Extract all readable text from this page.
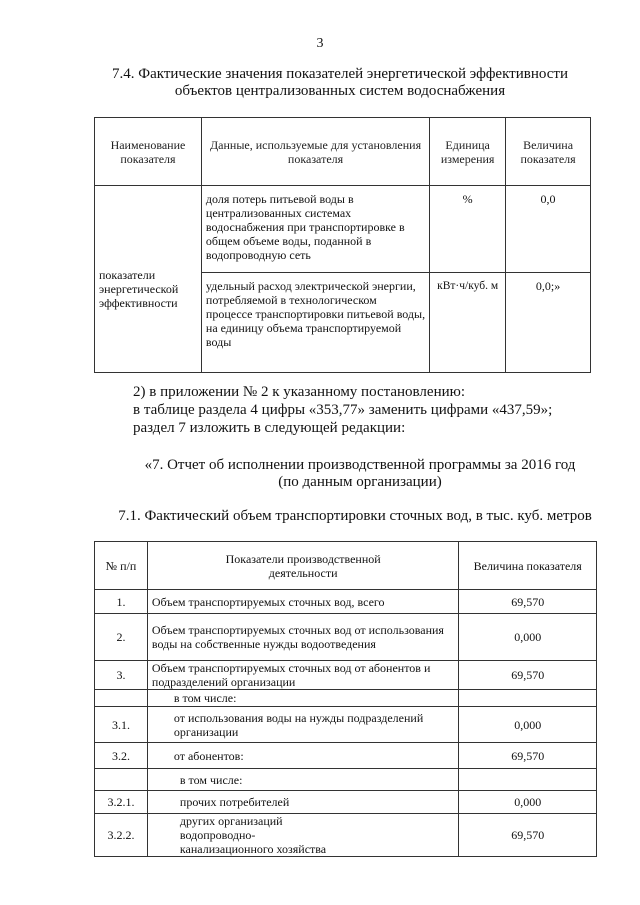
3
7.4. Фактические значения показателей энергетической эффективности
объектов централизованных систем водоснабжения
Наименование показателя	Данные, используемые для установления показателя	Единица измерения	Величина показателя
показатели энергетической эффективности	доля потерь питьевой воды в централизованных системах водоснабжения при транспортировке в общем объеме воды, поданной в водопроводную сеть	%	0,0
	удельный расход электрической энергии, потребляемой в технологическом процессе транспортировки питьевой воды, на единицу объема транспортируемой воды	кВт·ч/куб. м	0,0;»
2) в приложении № 2 к указанному постановлению:
в таблице раздела 4 цифры «353,77» заменить цифрами «437,59»;
раздел 7 изложить в следующей редакции:
«7. Отчет об исполнении производственной программы за 2016 год
(по данным организации)
7.1. Фактический объем транспортировки сточных вод, в тыс. куб. метров
№ п/п	Показатели производственной деятельности	Величина показателя
1.	Объем транспортируемых сточных вод, всего	69,570
2.	Объем транспортируемых сточных вод от использования воды на собственные нужды водоотведения	0,000
3.	Объем транспортируемых сточных вод от абонентов и подразделений организации	69,570
	в том числе:	
3.1.	от использования воды на нужды подразделений организации	0,000
3.2.	от абонентов:	69,570
	в том числе:	
3.2.1.	прочих потребителей	0,000
3.2.2.	других организаций водопроводно-канализационного хозяйства	69,570
